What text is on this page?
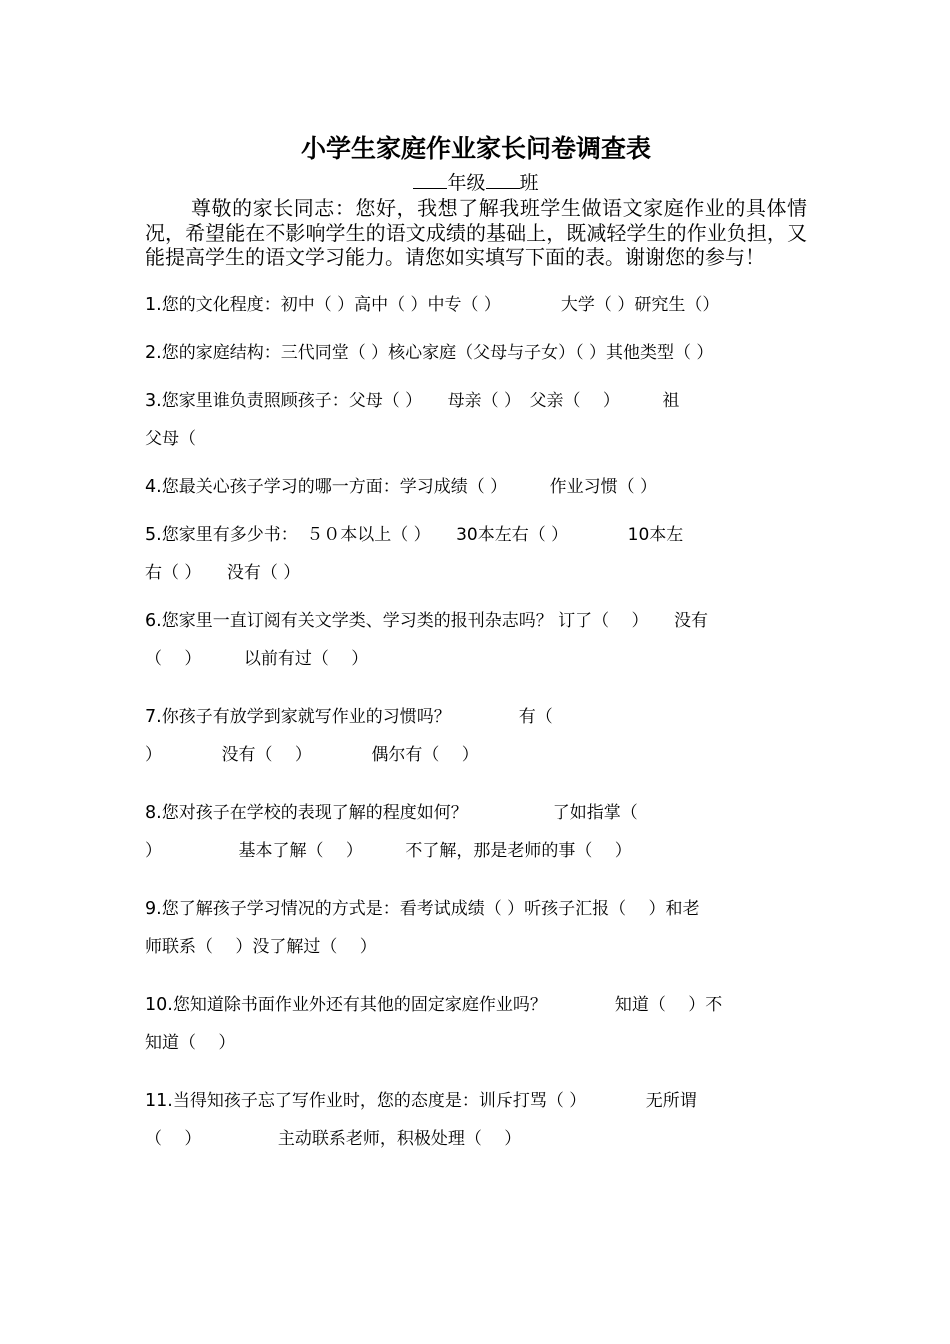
小学生家庭作业家长问卷调查表

年级 班

尊敬的家长同志：您好，我想了解我班学生做语文家庭作业的具体情况，希望能在不影响学生的语文成绩的基础上，既减轻学生的作业负担，又能提高学生的语文学习能力。请您如实填写下面的表。谢谢您的参与！

1.您的文化程度：初中（ ）高中（ ）中专（ ）	大学（ ）研究生（）

2.您的家庭结构：三代同堂（ ）核心家庭（父母与子女）（ ）其他类型（ ）

3.您家里谁负责照顾孩子：父母（ ）　　母亲（ ）　父亲（　 ）　　　祖

父母（

4.您最关心孩子学习的哪一方面：学习成绩（ ）　　　作业习惯（ ）

5.您家里有多少书：　５０本以上（ ）　　30本左右（ ）　　　　10本左

右（ ）　　没有（ ）

6.您家里一直订阅有关文学类、学习类的报刊杂志吗？ 订了（　 ）　　没有

（　 ）　　　以前有过（　 ）

7.你孩子有放学到家就写作业的习惯吗？　　　　有（

）　　　　没有（　 ）　　　　偶尔有（　 ）

8.您对孩子在学校的表现了解的程度如何？　　　　　了如指掌（

）　　　　　基本了解（　 ）　　　不了解，那是老师的事（　 ）

9.您了解孩子学习情况的方式是：看考试成绩（ ）听孩子汇报（　 ）和老

师联系（　 ）没了解过（　 ）

10.您知道除书面作业外还有其他的固定家庭作业吗？　　　　知道（　 ）不

知道（　 ）

11.当得知孩子忘了写作业时，您的态度是：训斥打骂（ ）　　　　无所谓

（　 ）　　　　　主动联系老师，积极处理（　 ）
